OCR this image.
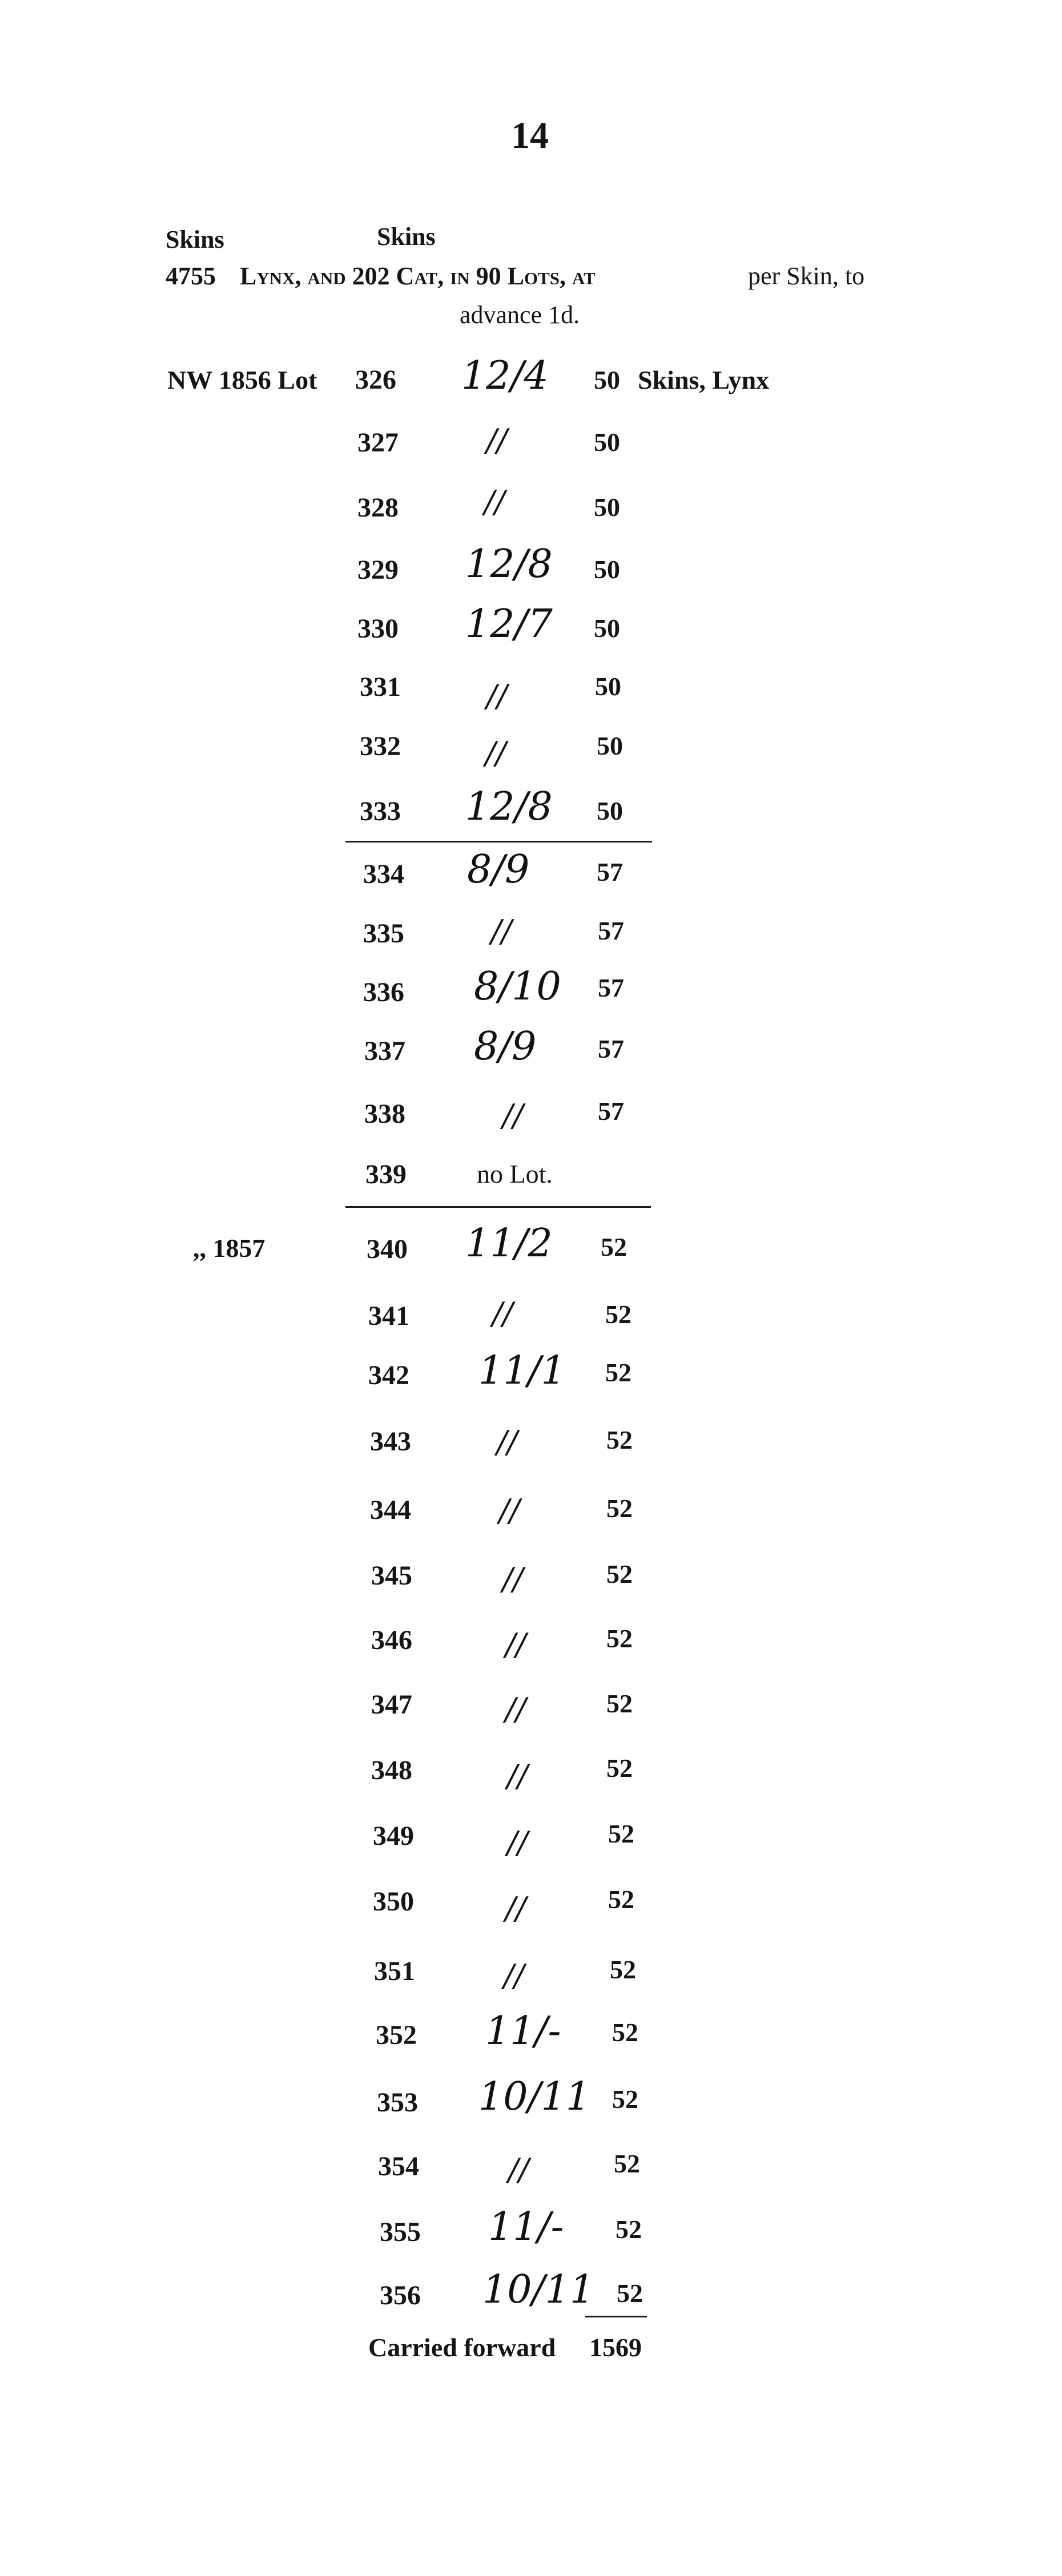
14
Skins	Skins
4755 Lynx, and 202 Cat, in 90 Lots, at	per Skin, to
advance 1d.
NW 1856 Lot	Skins, Lynx
326 12/4 50
327	//	50
328	//	50
329 12/8 50
330 12/7 50
331	//	50
332	//	50
333 12/8 50
334 8/9	57
335	//	57
336 8/10 57
337 8/9 57
338	//	57
339	no Lot.
,, 1857	340 11/2 52
341	//	52
342 11/1 52
343	//	52
344	//	52
345	//	52
346	//	52
347	//	52
348	//	52
349	//	52
350	//	52
351	//	52
352 11/- 52
353 10/11 52
354	//	52
355 11/- 52
356 10/11 52
Carried forward 1569
